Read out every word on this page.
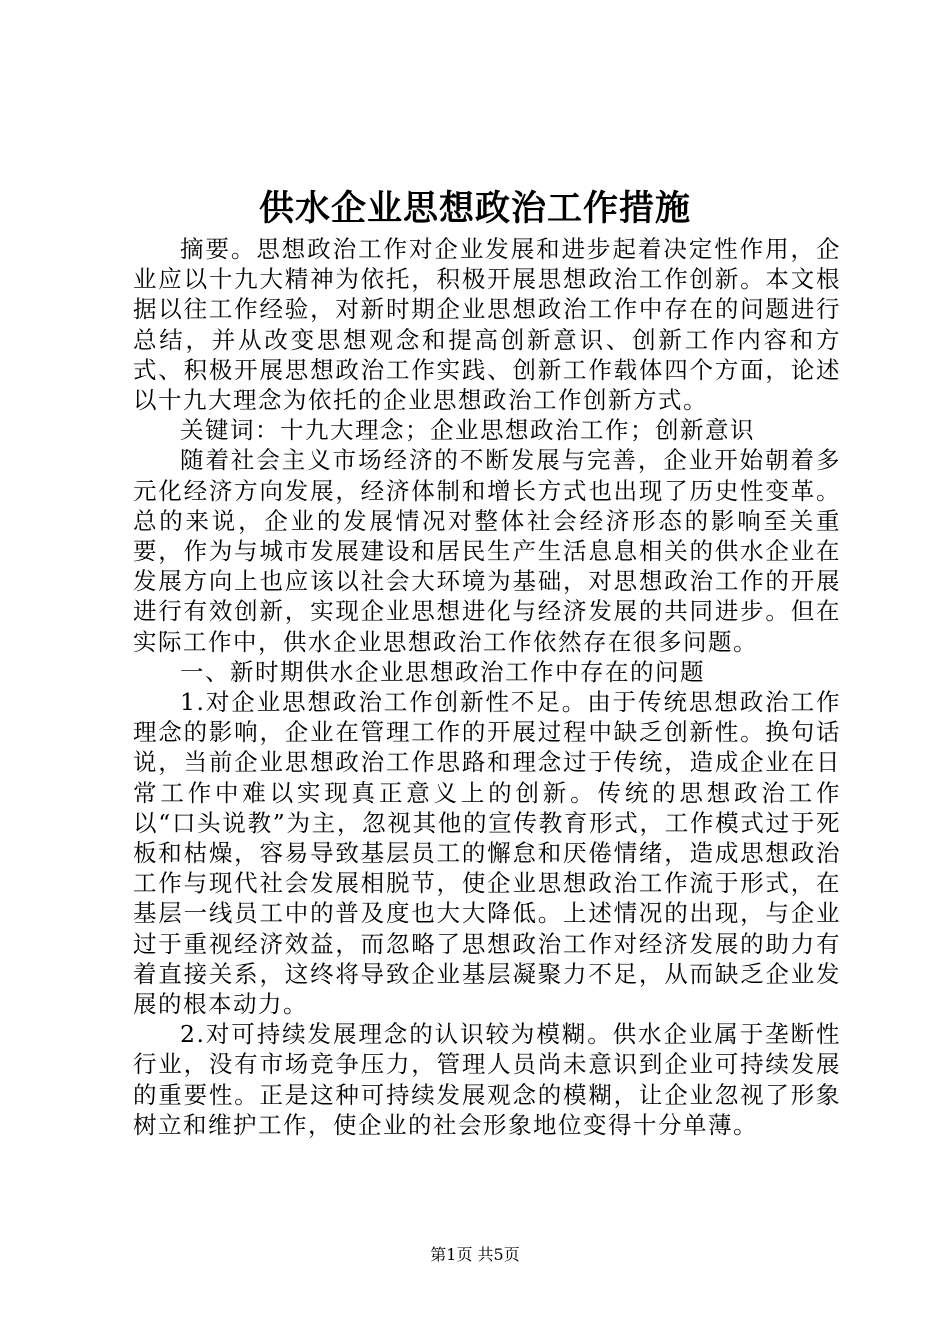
供水企业思想政治工作措施

摘要。思想政治工作对企业发展和进步起着决定性作用，企业应以十九大精神为依托，积极开展思想政治工作创新。本文根据以往工作经验，对新时期企业思想政治工作中存在的问题进行总结，并从改变思想观念和提高创新意识、创新工作内容和方式、积极开展思想政治工作实践、创新工作载体四个方面，论述以十九大理念为依托的企业思想政治工作创新方式。

关键词：十九大理念；企业思想政治工作；创新意识

随着社会主义市场经济的不断发展与完善，企业开始朝着多元化经济方向发展，经济体制和增长方式也出现了历史性变革。总的来说，企业的发展情况对整体社会经济形态的影响至关重要，作为与城市发展建设和居民生产生活息息相关的供水企业在发展方向上也应该以社会大环境为基础，对思想政治工作的开展进行有效创新，实现企业思想进化与经济发展的共同进步。但在实际工作中，供水企业思想政治工作依然存在很多问题。

一、新时期供水企业思想政治工作中存在的问题

1.对企业思想政治工作创新性不足。由于传统思想政治工作理念的影响，企业在管理工作的开展过程中缺乏创新性。换句话说，当前企业思想政治工作思路和理念过于传统，造成企业在日常工作中难以实现真正意义上的创新。传统的思想政治工作以“口头说教”为主，忽视其他的宣传教育形式，工作模式过于死板和枯燥，容易导致基层员工的懈怠和厌倦情绪，造成思想政治工作与现代社会发展相脱节，使企业思想政治工作流于形式，在基层一线员工中的普及度也大大降低。上述情况的出现，与企业过于重视经济效益，而忽略了思想政治工作对经济发展的助力有着直接关系，这终将导致企业基层凝聚力不足，从而缺乏企业发展的根本动力。

2.对可持续发展理念的认识较为模糊。供水企业属于垄断性行业，没有市场竞争压力，管理人员尚未意识到企业可持续发展的重要性。正是这种可持续发展观念的模糊，让企业忽视了形象树立和维护工作，使企业的社会形象地位变得十分单薄。

第1页 共5页
